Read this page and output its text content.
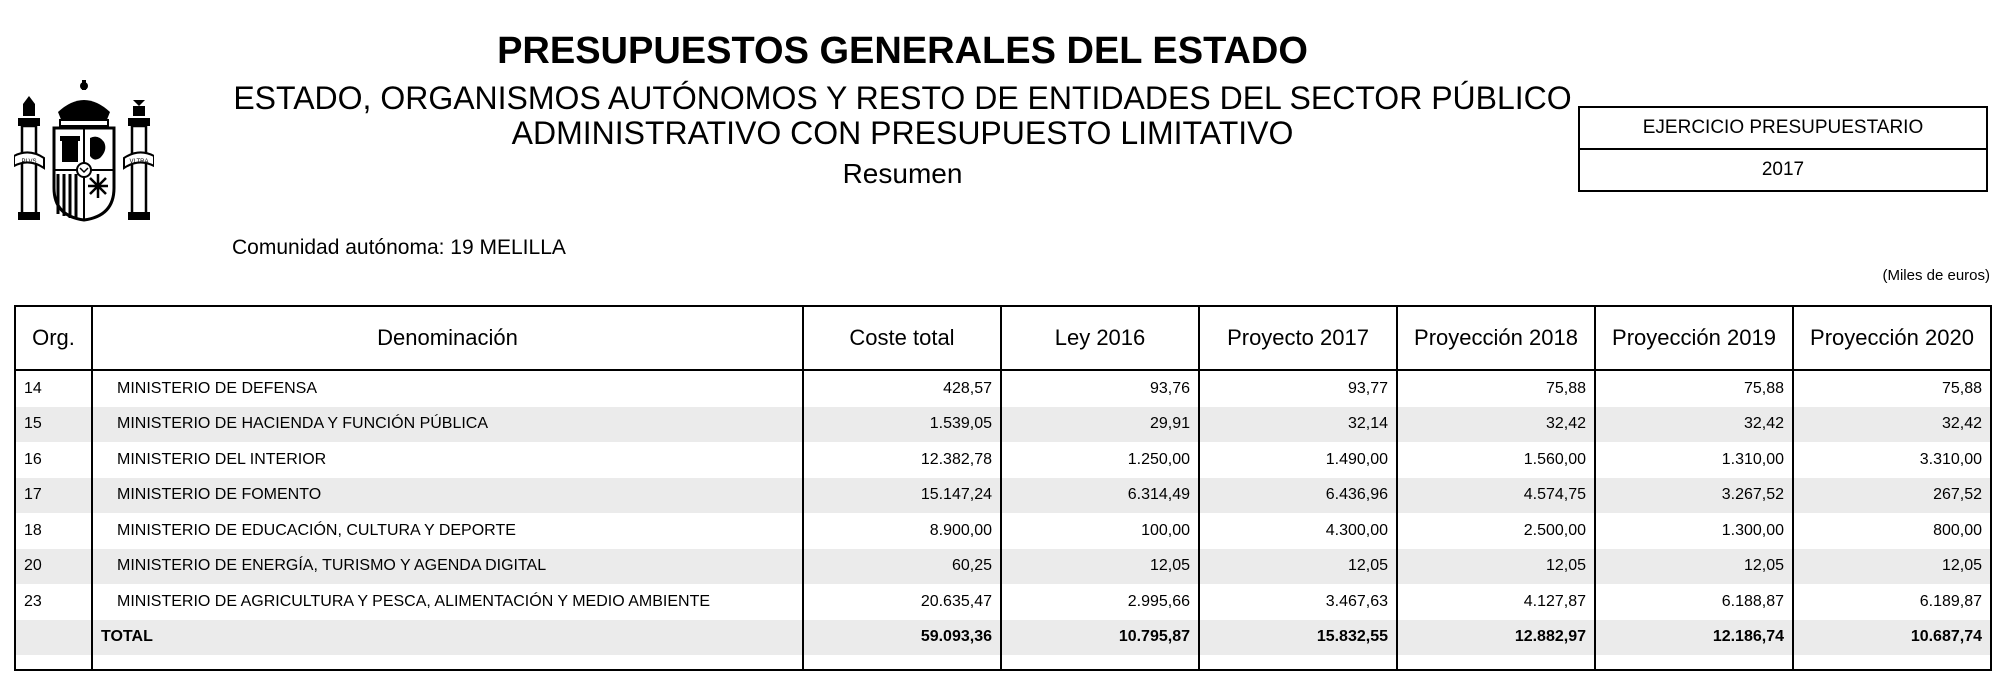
PLVS	VLTRA
PRESUPUESTOS GENERALES DEL ESTADO
ESTADO, ORGANISMOS AUTÓNOMOS Y RESTO DE ENTIDADES DEL SECTOR PÚBLICO
ADMINISTRATIVO CON PRESUPUESTO LIMITATIVO
Resumen
EJERCICIO PRESUPUESTARIO
2017
Comunidad autónoma: 19 MELILLA
(Miles de euros)
Org.	Denominación	Coste total	Ley 2016	Proyecto 2017	Proyección 2018	Proyección 2019	Proyección 2020
14	MINISTERIO DE DEFENSA	428,57	93,76	93,77	75,88	75,88	75,88
15	MINISTERIO DE HACIENDA Y FUNCIÓN PÚBLICA	1.539,05	29,91	32,14	32,42	32,42	32,42
16	MINISTERIO DEL INTERIOR	12.382,78	1.250,00	1.490,00	1.560,00	1.310,00	3.310,00
17	MINISTERIO DE FOMENTO	15.147,24	6.314,49	6.436,96	4.574,75	3.267,52	267,52
18	MINISTERIO DE EDUCACIÓN, CULTURA Y DEPORTE	8.900,00	100,00	4.300,00	2.500,00	1.300,00	800,00
20	MINISTERIO DE ENERGÍA, TURISMO Y AGENDA DIGITAL	60,25	12,05	12,05	12,05	12,05	12,05
23	MINISTERIO DE AGRICULTURA Y PESCA, ALIMENTACIÓN Y MEDIO AMBIENTE	20.635,47	2.995,66	3.467,63	4.127,87	6.188,87	6.189,87
	TOTAL	59.093,36	10.795,87	15.832,55	12.882,97	12.186,74	10.687,74
